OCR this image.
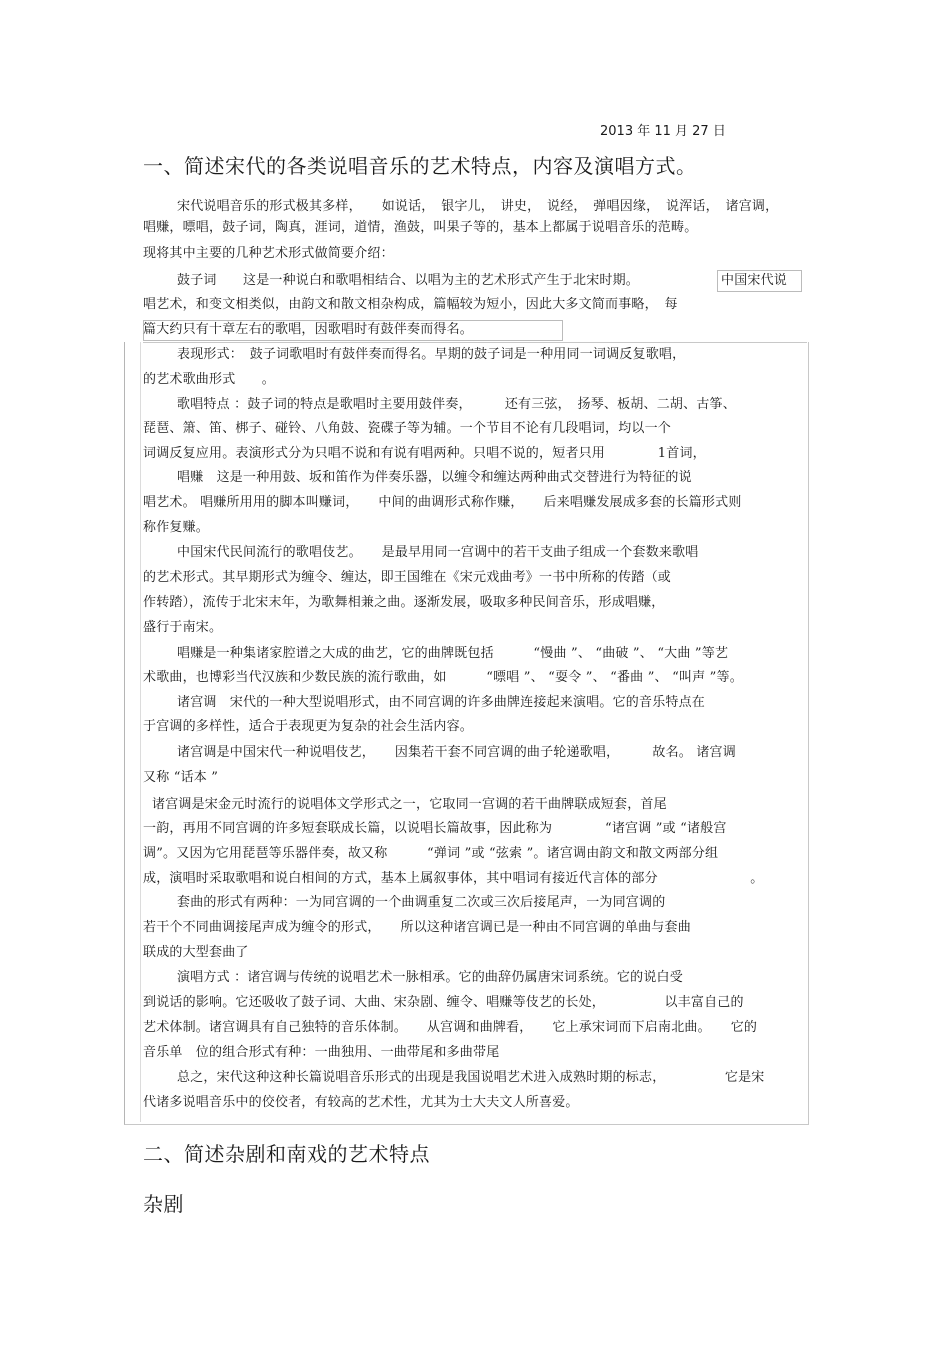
2013 年 11 月 27 日
一、简述宋代的各类说唱音乐的艺术特点，内容及演唱方式。
宋代说唱音乐的形式极其多样，　　如说话，　银字儿，　讲史，　说经，　弹唱因缘，　说浑话，　诸宫调，
唱赚，嘌唱，鼓子词，陶真，涯词，道情，渔鼓，叫果子等的，基本上都属于说唱音乐的范畴。
现将其中主要的几种艺术形式做简要介绍：
鼓子词　　这是一种说白和歌唱相结合、以唱为主的艺术形式产生于北宋时期。	中国宋代说
唱艺术，和变文相类似，由韵文和散文相杂构成，篇幅较为短小，因此大多文简而事略，　每
篇大约只有十章左右的歌唱，因歌唱时有鼓伴奏而得名。
表现形式：　鼓子词歌唱时有鼓伴奏而得名。早期的鼓子词是一种用同一词调反复歌唱，
的艺术歌曲形式　　。
歌唱特点 ：鼓子词的特点是歌唱时主要用鼓伴奏，　　　还有三弦，　扬琴、板胡、二胡、古筝、
琵琶、箫、笛、梆子、碰铃、八角鼓、瓷碟子等为辅。一个节目不论有几段唱词，均以一个
词调反复应用。表演形式分为只唱不说和有说有唱两种。只唱不说的，短者只用　　　　1首词，
唱赚　这是一种用鼓、坂和笛作为伴奏乐器，以缠令和缠达两种曲式交替进行为特征的说
唱艺术。 唱赚所用用的脚本叫赚词，　　中间的曲调形式称作赚，　　后来唱赚发展成多套的长篇形式则
称作复赚。
中国宋代民间流行的歌唱伎艺。　　是最早用同一宫调中的若干支曲子组成一个套数来歌唱
的艺术形式。其早期形式为缠令、缠达，即王国维在《宋元戏曲考》一书中所称的传踏（或
作转踏），流传于北宋末年，为歌舞相兼之曲。逐渐发展，吸取多种民间音乐，形成唱赚，
盛行于南宋。
唱赚是一种集诸家腔谱之大成的曲艺，它的曲牌既包括　　　“慢曲 ”、 “曲破 ”、 “大曲 ”等艺
术歌曲，也博彩当代汉族和少数民族的流行歌曲，如　　　“嘌唱 ”、 “耍令 ”、 “番曲 ”、 “叫声 ”等。
诸宫调　宋代的一种大型说唱形式，由不同宫调的许多曲牌连接起来演唱。它的音乐特点在
于宫调的多样性，适合于表现更为复杂的社会生活内容。
诸宫调是中国宋代一种说唱伎艺，　　因集若干套不同宫调的曲子轮递歌唱，　　　故名。 诸宫调
又称 “话本 ”
诸宫调是宋金元时流行的说唱体文学形式之一，它取同一宫调的若干曲牌联成短套，首尾
一韵，再用不同宫调的许多短套联成长篇，以说唱长篇故事，因此称为　　　　“诸宫调 ”或 “诸般宫
调”。又因为它用琵琶等乐器伴奏，故又称　　　“弹词 ”或 “弦索 ”。诸宫调由韵文和散文两部分组
成，演唱时采取歌唱和说白相间的方式，基本上属叙事体，其中唱词有接近代言体的部分　　　　　　　。
套曲的形式有两种：一为同宫调的一个曲调重复二次或三次后接尾声，一为同宫调的
若干个不同曲调接尾声成为缠令的形式，　　所以这种诸宫调已是一种由不同宫调的单曲与套曲
联成的大型套曲了
演唱方式 ：诸宫调与传统的说唱艺术一脉相承。它的曲辞仍属唐宋词系统。它的说白受
到说话的影响。它还吸收了鼓子词、大曲、宋杂剧、缠令、唱赚等伎艺的长处，　　　　　以丰富自己的
艺术体制。诸宫调具有自己独特的音乐体制。　　从宫调和曲牌看，　　它上承宋词而下启南北曲。　　它的
音乐单　位的组合形式有种：一曲独用、一曲带尾和多曲带尾
总之，宋代这种这种长篇说唱音乐形式的出现是我国说唱艺术进入成熟时期的标志，　　　　　它是宋
代诸多说唱音乐中的佼佼者，有较高的艺术性，尤其为士大夫文人所喜爱。
二、简述杂剧和南戏的艺术特点
杂剧
